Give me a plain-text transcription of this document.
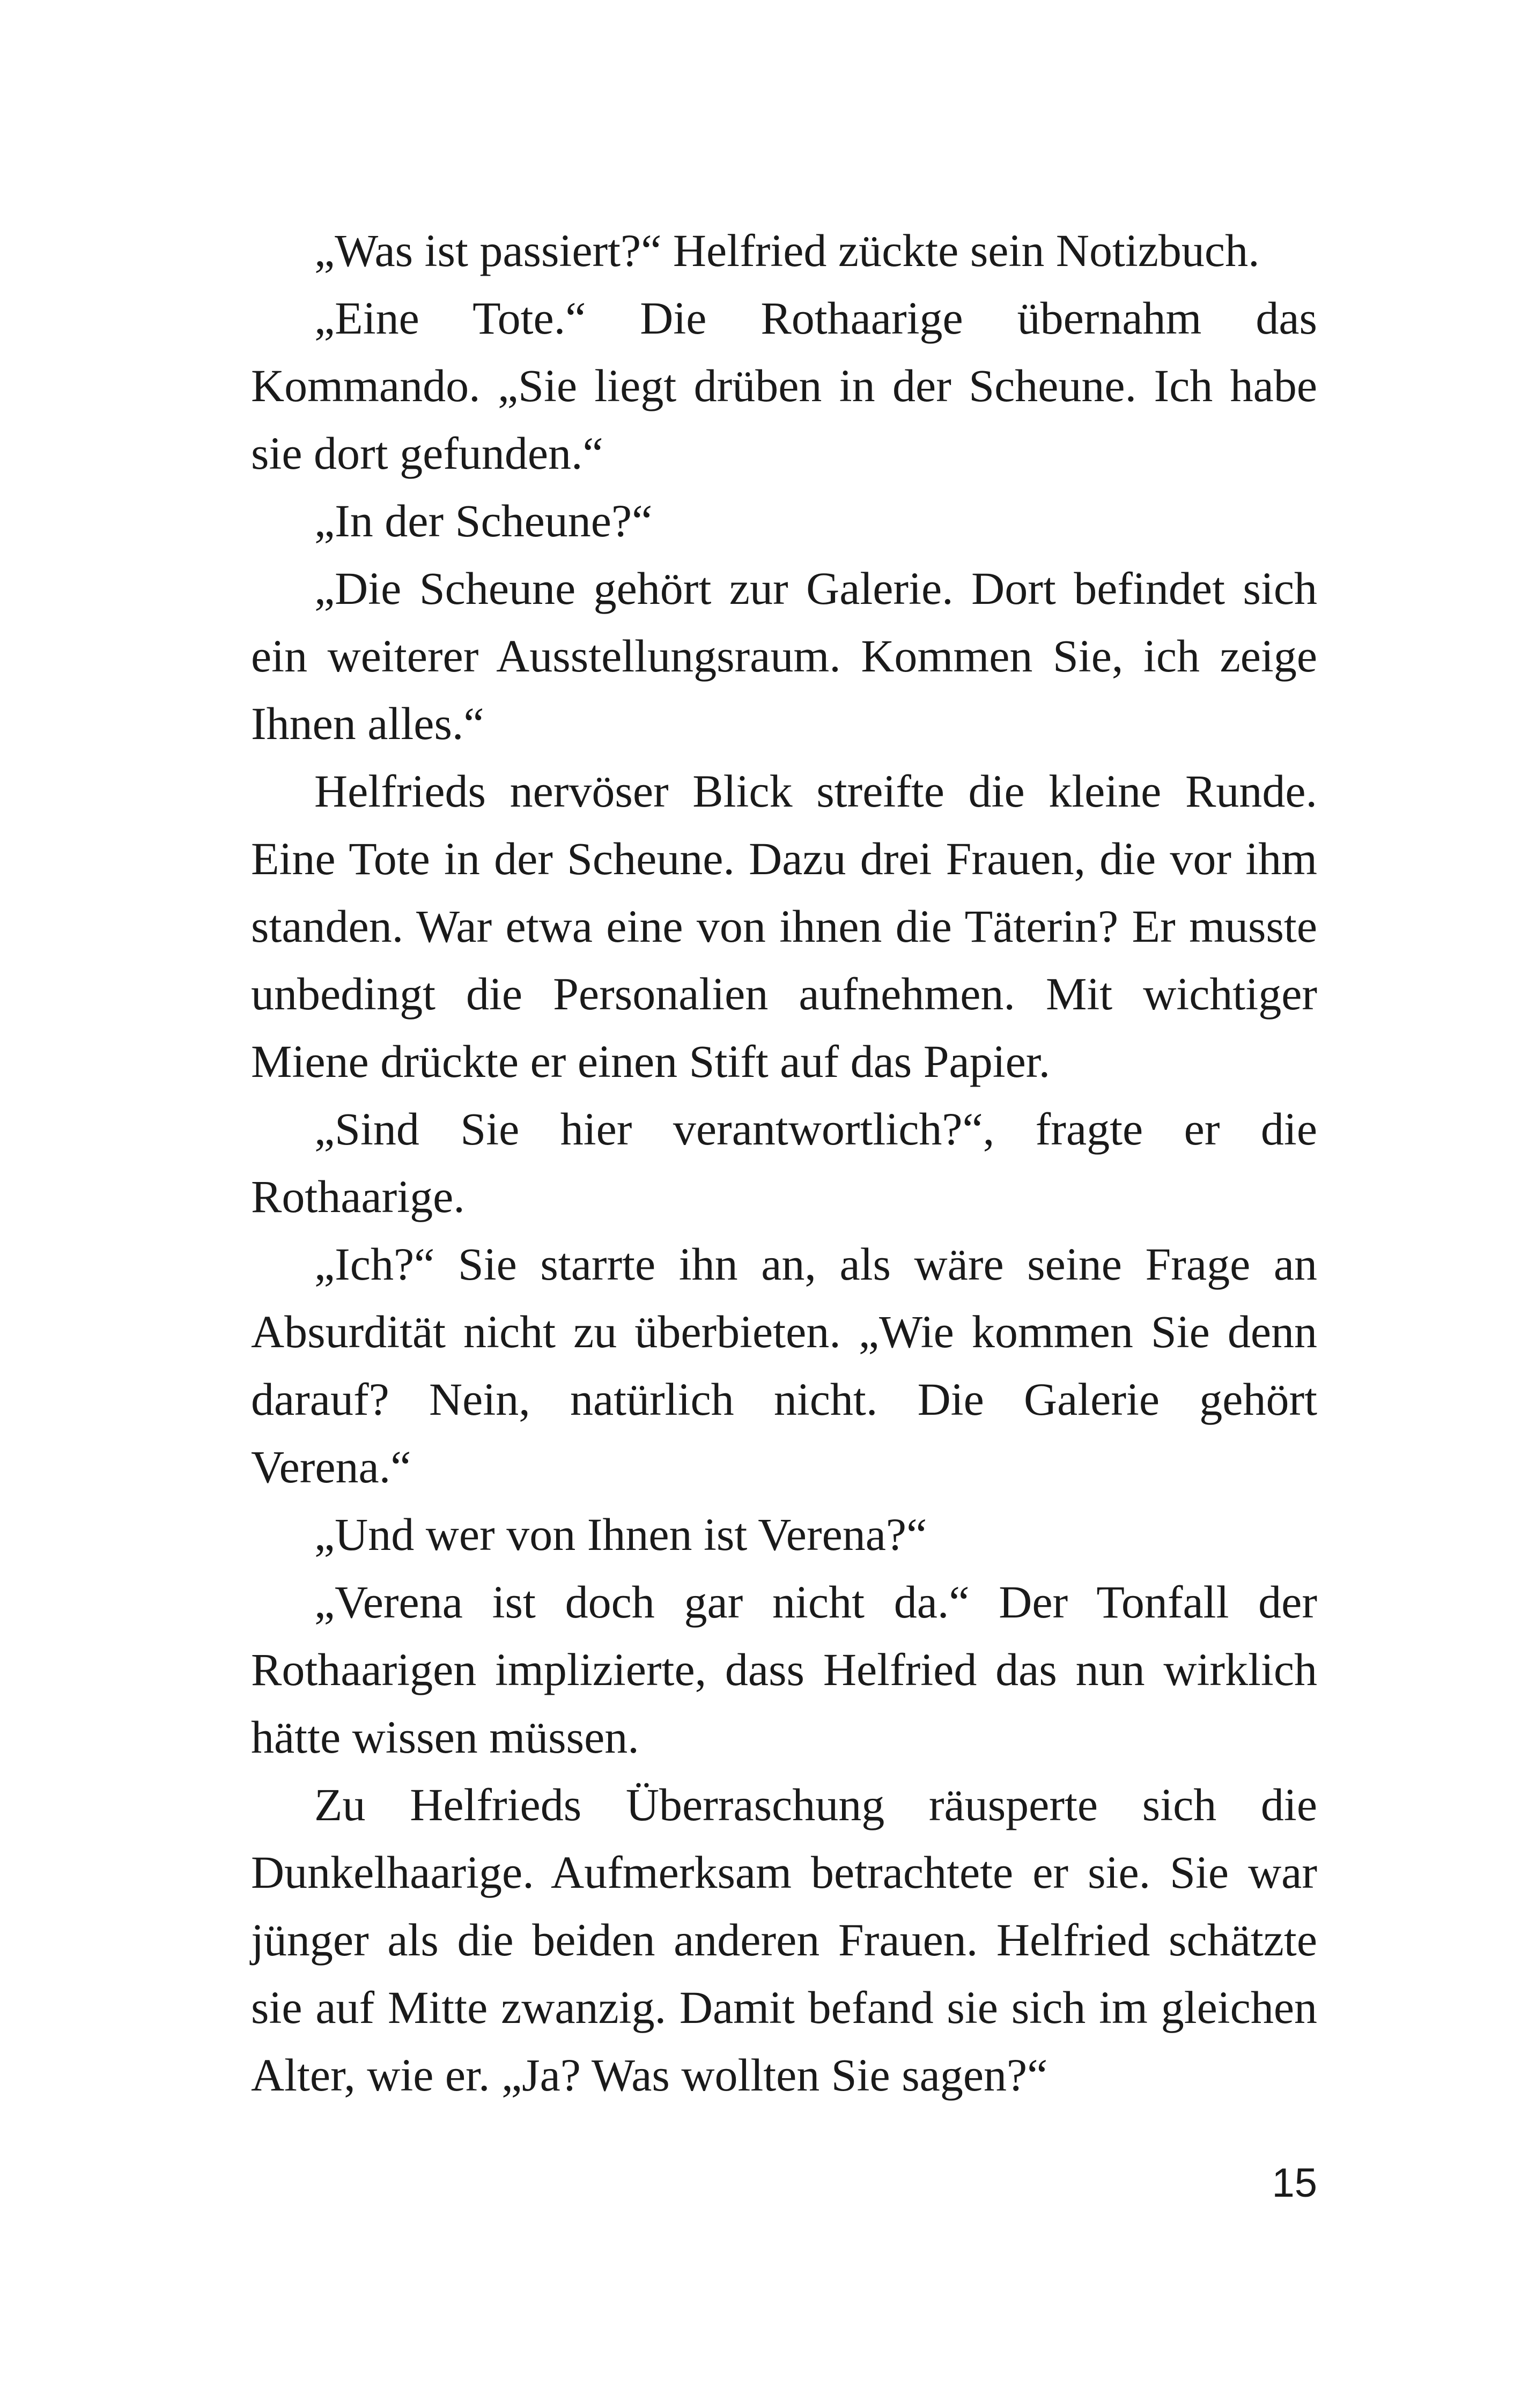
„Was ist passiert?“ Helfried zückte sein Notizbuch.

„Eine Tote.“ Die Rothaarige übernahm das Kommando. „Sie liegt drüben in der Scheune. Ich habe sie dort gefunden.“

„In der Scheune?“

„Die Scheune gehört zur Galerie. Dort befindet sich ein weiterer Ausstellungsraum. Kommen Sie, ich zeige Ihnen alles.“

Helfrieds nervöser Blick streifte die kleine Runde. Eine Tote in der Scheune. Dazu drei Frauen, die vor ihm standen. War etwa eine von ihnen die Täterin? Er musste unbedingt die Personalien aufnehmen. Mit wichtiger Miene drückte er einen Stift auf das Papier.

„Sind Sie hier verantwortlich?“, fragte er die Rothaarige.

„Ich?“ Sie starrte ihn an, als wäre seine Frage an Absurdität nicht zu überbieten. „Wie kommen Sie denn darauf? Nein, natürlich nicht. Die Galerie gehört Verena.“

„Und wer von Ihnen ist Verena?“

„Verena ist doch gar nicht da.“ Der Tonfall der Rothaarigen implizierte, dass Helfried das nun wirklich hätte wissen müssen.

Zu Helfrieds Überraschung räusperte sich die Dunkelhaarige. Aufmerksam betrachtete er sie. Sie war jünger als die beiden anderen Frauen. Helfried schätzte sie auf Mitte zwanzig. Damit befand sie sich im gleichen Alter, wie er. „Ja? Was wollten Sie sagen?“

15
